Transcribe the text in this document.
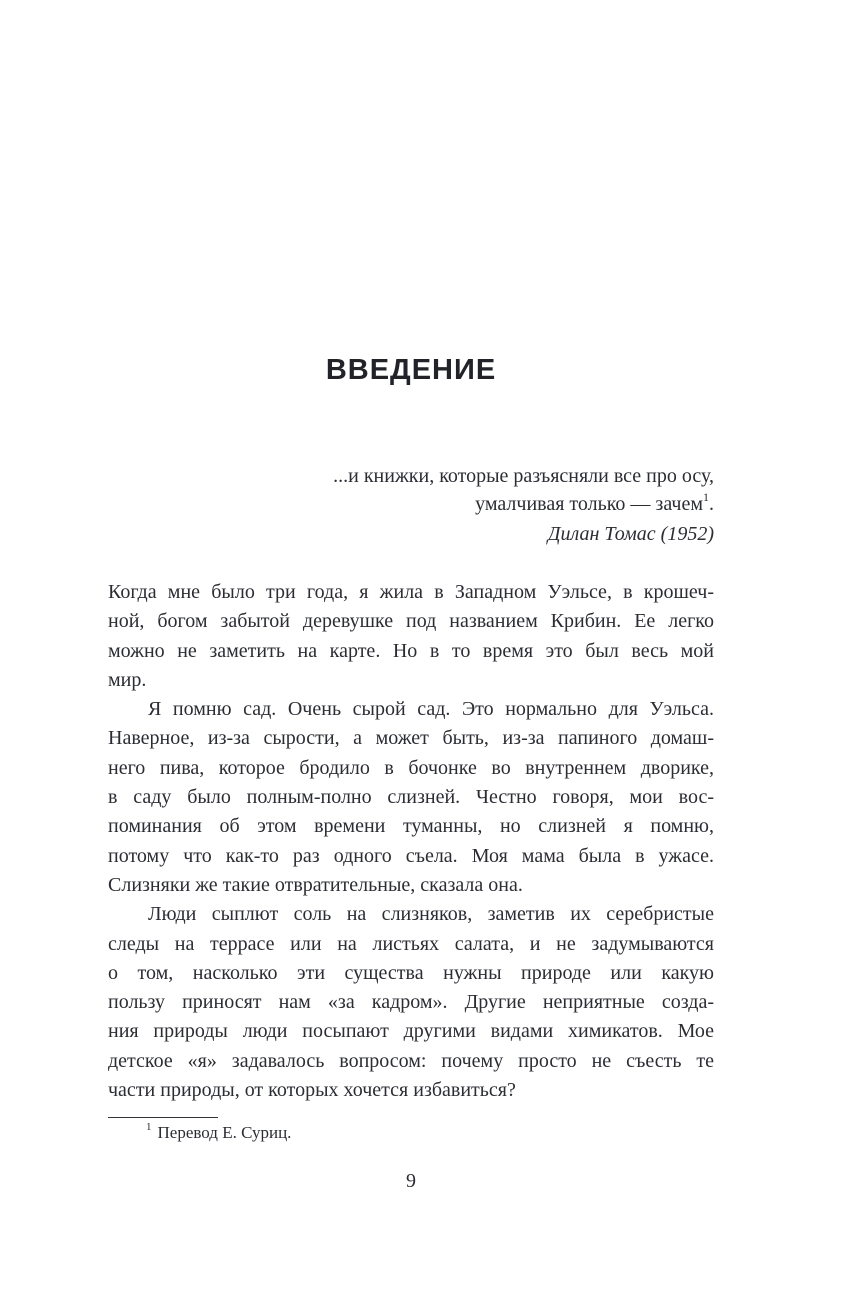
ВВЕДЕНИЕ
...и книжки, которые разъясняли все про осу,
умалчивая только — зачем$^1$.
Дилан Томас (1952)
Когда мне было три года, я жила в Западном Уэльсе, в крошеч-
ной, богом забытой деревушке под названием Крибин. Ее легко
можно не заметить на карте. Но в то время это был весь мой
мир.
Я помню сад. Очень сырой сад. Это нормально для Уэльса.
Наверное, из-за сырости, а может быть, из-за папиного домаш-
него пива, которое бродило в бочонке во внутреннем дворике,
в саду было полным-полно слизней. Честно говоря, мои вос-
поминания об этом времени туманны, но слизней я помню,
потому что как-то раз одного съела. Моя мама была в ужасе.
Слизняки же такие отвратительные, сказала она.
Люди сыплют соль на слизняков, заметив их серебристые
следы на террасе или на листьях салата, и не задумываются
о том, насколько эти существа нужны природе или какую
пользу приносят нам «за кадром». Другие неприятные созда-
ния природы люди посыпают другими видами химикатов. Мое
детское «я» задавалось вопросом: почему просто не съесть те
части природы, от которых хочется избавиться?
$^1$ Перевод Е. Суриц.
9
